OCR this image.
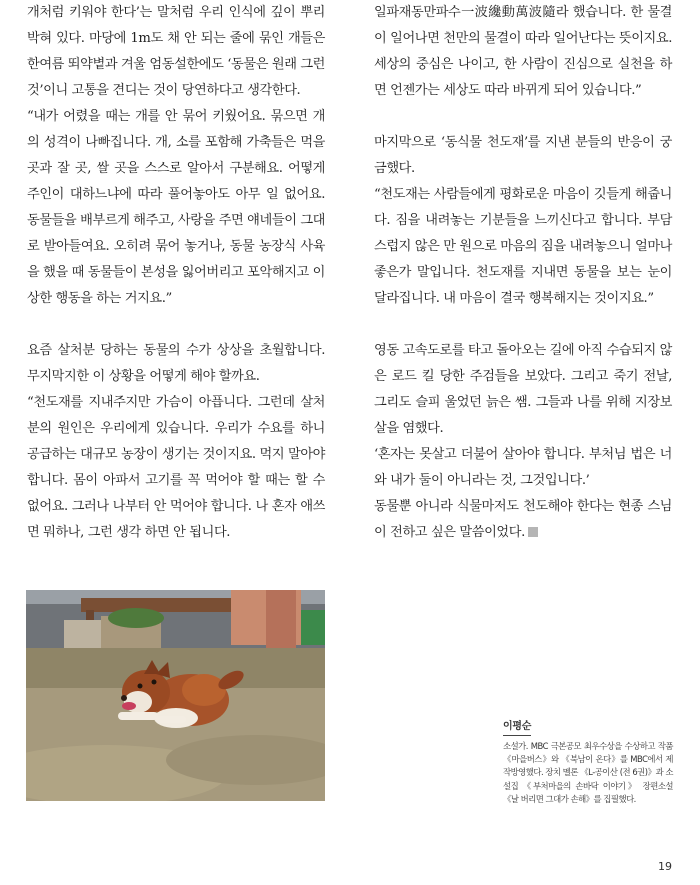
개처럼 키워야 한다’는 말처럼 우리 인식에 깊이 뿌리박혀 있다. 마당에 1m도 채 안 되는 줄에 묶인 개들은 한여름 뙤약볕과 겨울 엄동설한에도 ‘동물은 원래 그런 것’이니 고통을 견디는 것이 당연하다고 생각한다.

“내가 어렸을 때는 개를 안 묶어 키웠어요. 묶으면 개의 성격이 나빠집니다. 개, 소를 포함해 가축들은 먹을 곳과 잘 곳, 쌀 곳을 스스로 알아서 구분해요. 어떻게 주인이 대하느냐에 따라 풀어놓아도 아무 일 없어요. 동물들을 배부르게 해주고, 사랑을 주면 얘네들이 그대로 받아들여요. 오히려 묶어 놓거나, 동물 농장식 사육을 했을 때 동물들이 본성을 잃어버리고 포악해지고 이상한 행동을 하는 거지요.”

요즘 살처분 당하는 동물의 수가 상상을 초월합니다. 무지막지한 이 상황을 어떻게 해야 할까요.

“천도재를 지내주지만 가슴이 아픕니다. 그런데 살처분의 원인은 우리에게 있습니다. 우리가 수요를 하니 공급하는 대규모 농장이 생기는 것이지요. 먹지 말아야 합니다. 몸이 아파서 고기를 꼭 먹어야 할 때는 할 수 없어요. 그러나 나부터 안 먹어야 합니다. 나 혼자 애쓰면 뭐하나, 그런 생각 하면 안 됩니다.

일파재동만파수一波纔動萬波隨라 했습니다. 한 물결이 일어나면 천만의 물결이 따라 일어난다는 뜻이지요. 세상의 중심은 나이고, 한 사람이 진심으로 실천을 하면 언젠가는 세상도 따라 바뀌게 되어 있습니다.”

마지막으로 ‘동식물 천도재’를 지낸 분들의 반응이 궁금했다.

“천도재는 사람들에게 평화로운 마음이 깃들게 해줍니다. 짐을 내려놓는 기분들을 느끼신다고 합니다. 부담스럽지 않은 만 원으로 마음의 짐을 내려놓으니 얼마나 좋은가 말입니다. 천도재를 지내면 동물을 보는 눈이 달라집니다. 내 마음이 결국 행복해지는 것이지요.”

영동 고속도로를 타고 돌아오는 길에 아직 수습되지 않은 로드 킬 당한 주검들을 보았다. 그리고 죽기 전날, 그리도 슬피 울었던 늙은 쌤. 그들과 나를 위해 지장보살을 염했다.

‘혼자는 못살고 더불어 살아야 합니다. 부처님 법은 너와 내가 둘이 아니라는 것, 그것입니다.’

동물뿐 아니라 식물마저도 천도해야 한다는 현종 스님이 전하고 싶은 말씀이었다.

이평순
소설가. MBC 극본공모 최우수상을 수상하고 작품 《마을버스》와 《북남이 온다》를 MBC에서 제작방영했다. 장치 멜론 《L-공이산 (전 6권)》과 소설집 《부처마을의 손바닥 이야기》 장편소설 《날 버리면 그대가 손해》를 집필했다.
19
